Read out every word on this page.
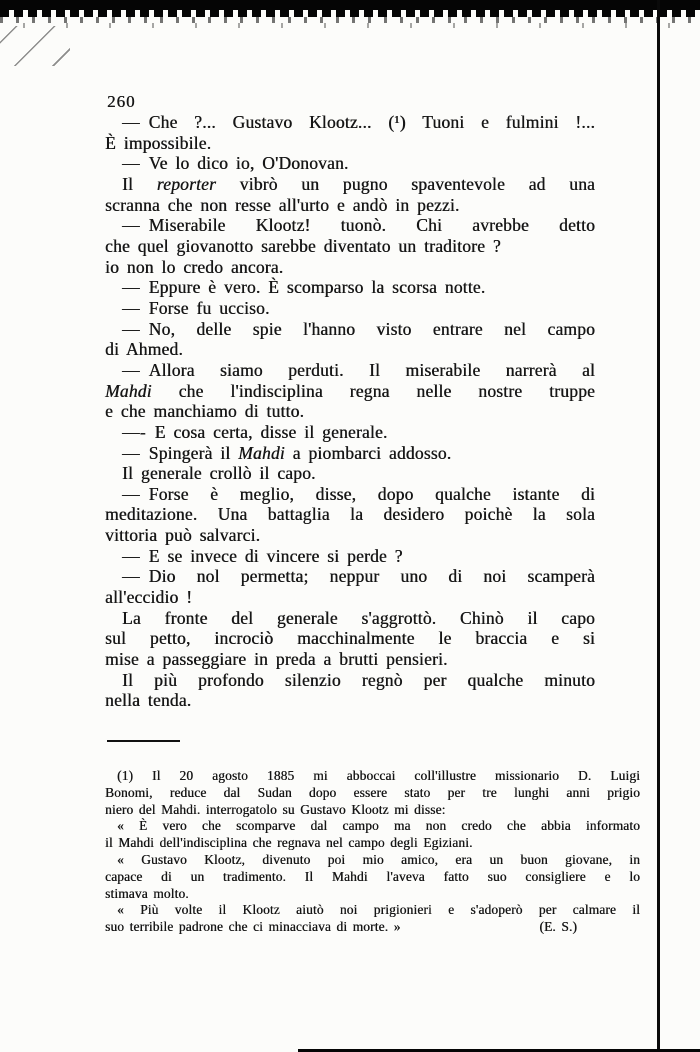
260
— Che ?... Gustavo Klootz... (¹) Tuoni e fulmini !...
È impossibile.
— Ve lo dico io, O'Donovan.
Il reporter vibrò un pugno spaventevole ad una
scranna che non resse all'urto e andò in pezzi.
— Miserabile Klootz! tuonò. Chi avrebbe detto
che quel giovanotto sarebbe diventato un traditore ?
io non lo credo ancora.
— Eppure è vero. È scomparso la scorsa notte.
— Forse fu ucciso.
— No, delle spie l'hanno visto entrare nel campo
di Ahmed.
— Allora siamo perduti. Il miserabile narrerà al
Mahdi che l'indisciplina regna nelle nostre truppe
e che manchiamo di tutto.
—- E cosa certa, disse il generale.
— Spingerà il Mahdi a piombarci addosso.
Il generale crollò il capo.
— Forse è meglio, disse, dopo qualche istante di
meditazione. Una battaglia la desidero poichè la sola
vittoria può salvarci.
— E se invece di vincere si perde ?
— Dio nol permetta; neppur uno di noi scamperà
all'eccidio !
La fronte del generale s'aggrottò. Chinò il capo
sul petto, incrociò macchinalmente le braccia e si
mise a passeggiare in preda a brutti pensieri.
Il più profondo silenzio regnò per qualche minuto
nella tenda.
(1) Il 20 agosto 1885 mi abboccai coll'illustre missionario D. Luigi
Bonomi, reduce dal Sudan dopo essere stato per tre lunghi anni prigio
niero del Mahdi. interrogatolo su Gustavo Klootz mi disse:
« È vero che scomparve dal campo ma non credo che abbia informato
il Mahdi dell'indisciplina che regnava nel campo degli Egiziani.
« Gustavo Klootz, divenuto poi mio amico, era un buon giovane, in
capace di un tradimento. Il Mahdi l'aveva fatto suo consigliere e lo
stimava molto.
« Più volte il Klootz aiutò noi prigionieri e s'adoperò per calmare il
suo terribile padrone che ci minacciava di morte. »	(E. S.)
